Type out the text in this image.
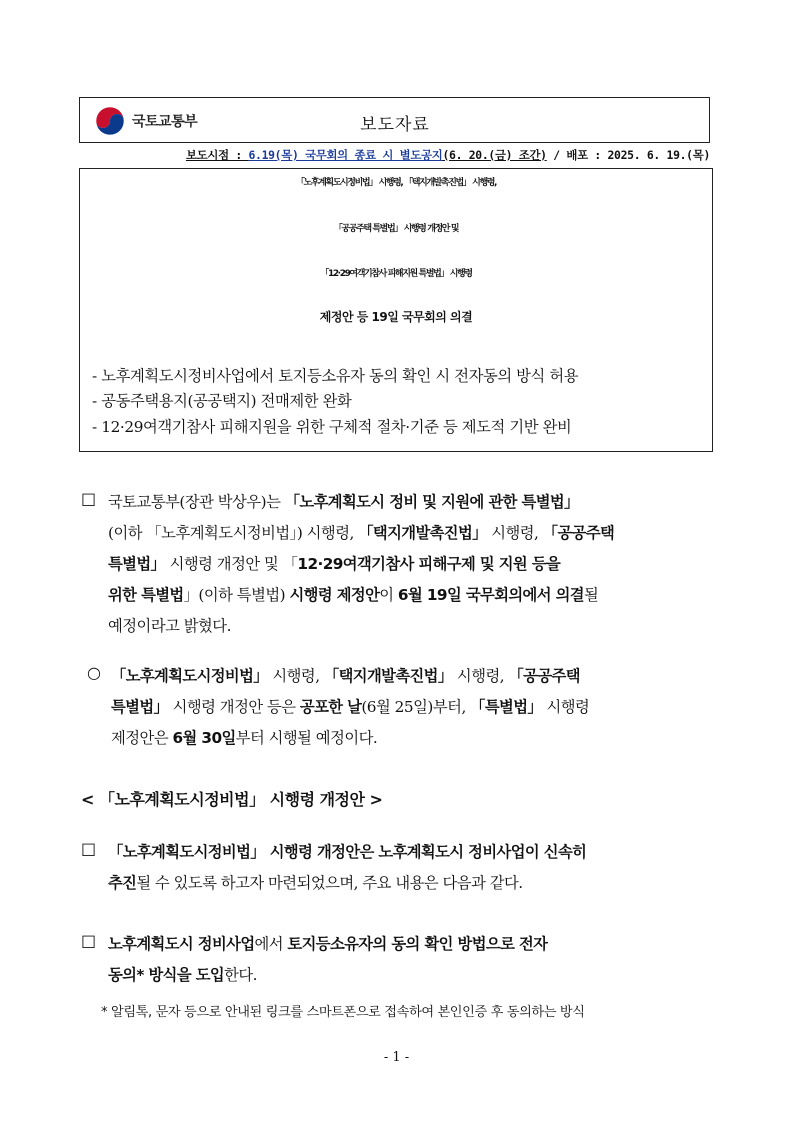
국토교통부	보도자료
보도시점 : 6.19(목) 국무회의 종료 시 별도공지(6. 20.(금) 조간) / 배포 : 2025. 6. 19.(목)
「노후계획도시정비법」 시행령, 「택지개발촉진법」 시행령,
「공공주택 특별법」 시행령 개정안 및
「12·29여객기참사 피해지원 특별법」 시행령
제정안 등 19일 국무회의 의결
- 노후계획도시정비사업에서 토지등소유자 동의 확인 시 전자동의 방식 허용
- 공동주택용지(공공택지) 전매제한 완화
- 12·29여객기참사 피해지원을 위한 구체적 절차·기준 등 제도적 기반 완비
□ 국토교통부(장관 박상우)는 「노후계획도시 정비 및 지원에 관한 특별법」
(이하 「노후계획도시정비법」) 시행령, 「택지개발촉진법」 시행령, 「공공주택
특별법」 시행령 개정안 및 「12·29여객기참사 피해구제 및 지원 등을
위한 특별법」(이하 특별법) 시행령 제정안이 6월 19일 국무회의에서 의결될
예정이라고 밝혔다.
○ 「노후계획도시정비법」 시행령, 「택지개발촉진법」 시행령, 「공공주택
특별법」 시행령 개정안 등은 공포한 날(6월 25일)부터, 「특별법」 시행령
제정안은 6월 30일부터 시행될 예정이다.
< 「노후계획도시정비법」 시행령 개정안 >
□ 「노후계획도시정비법」 시행령 개정안은 노후계획도시 정비사업이 신속히
추진될 수 있도록 하고자 마련되었으며, 주요 내용은 다음과 같다.
□ 노후계획도시 정비사업에서 토지등소유자의 동의 확인 방법으로 전자
동의* 방식을 도입한다.
* 알림톡, 문자 등으로 안내된 링크를 스마트폰으로 접속하여 본인인증 후 동의하는 방식
- 1 -
